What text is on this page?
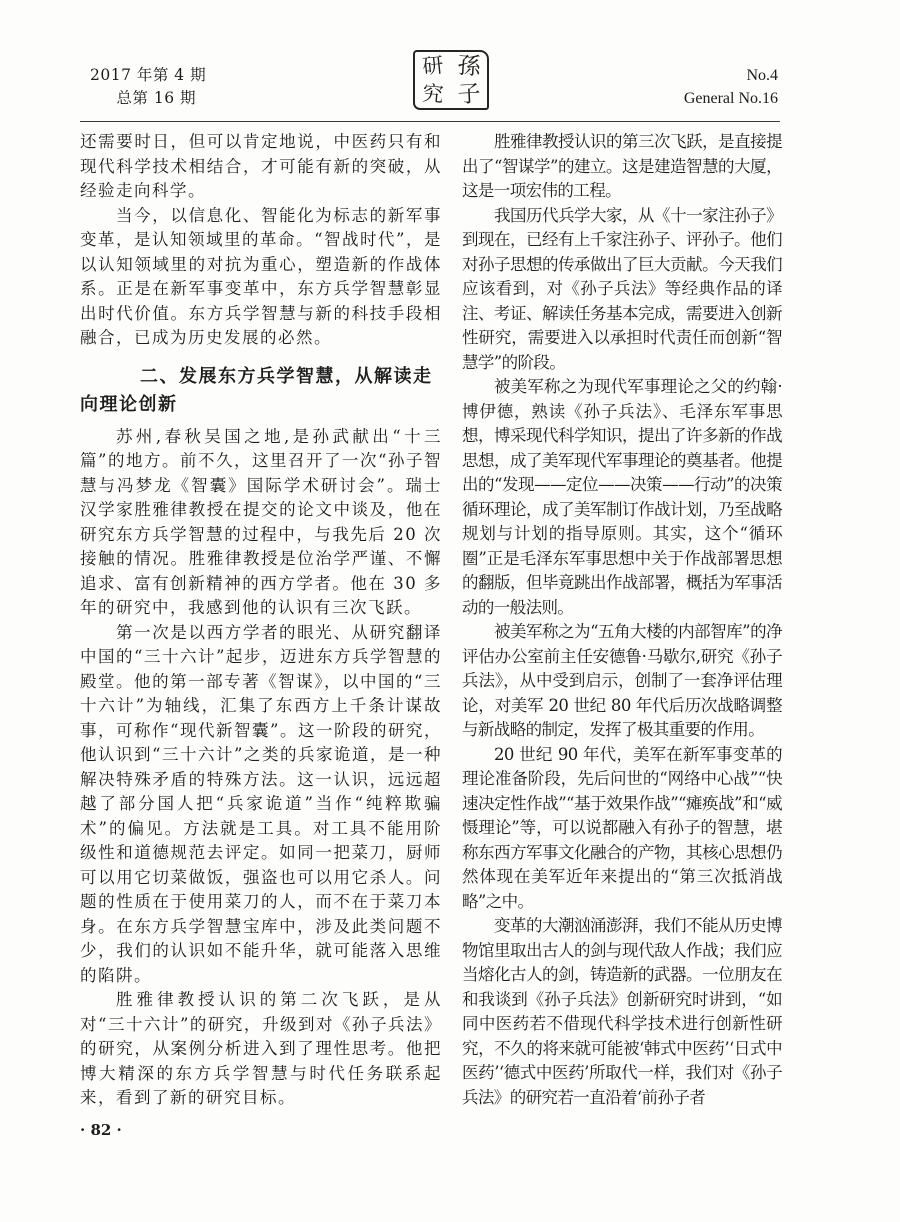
2017 年第 4 期
总第 16 期
孫
子
研
究
No.4
General No.16

还需要时日，但可以肯定地说，中医药只有和现代科学技术相结合，才可能有新的突破，从经验走向科学。

当今，以信息化、智能化为标志的新军事变革，是认知领域里的革命。“智战时代”，是以认知领域里的对抗为重心，塑造新的作战体系。正是在新军事变革中，东方兵学智慧彰显出时代价值。东方兵学智慧与新的科技手段相融合，已成为历史发展的必然。

二、发展东方兵学智慧，从解读走向理论创新

苏州,春秋吴国之地,是孙武献出“十三篇”的地方。前不久，这里召开了一次“孙子智慧与冯梦龙《智囊》国际学术研讨会”。瑞士汉学家胜雅律教授在提交的论文中谈及，他在研究东方兵学智慧的过程中，与我先后 20 次接触的情况。胜雅律教授是位治学严谨、不懈追求、富有创新精神的西方学者。他在 30 多年的研究中，我感到他的认识有三次飞跃。

第一次是以西方学者的眼光、从研究翻译中国的“三十六计”起步，迈进东方兵学智慧的殿堂。他的第一部专著《智谋》，以中国的“三十六计”为轴线，汇集了东西方上千条计谋故事，可称作“现代新智囊”。这一阶段的研究，他认识到“三十六计”之类的兵家诡道，是一种解决特殊矛盾的特殊方法。这一认识，远远超越了部分国人把“兵家诡道”当作“纯粹欺骗术”的偏见。方法就是工具。对工具不能用阶级性和道德规范去评定。如同一把菜刀，厨师可以用它切菜做饭，强盗也可以用它杀人。问题的性质在于使用菜刀的人，而不在于菜刀本身。在东方兵学智慧宝库中，涉及此类问题不少，我们的认识如不能升华，就可能落入思维的陷阱。

胜雅律教授认识的第二次飞跃，是从对“三十六计”的研究，升级到对《孙子兵法》的研究，从案例分析进入到了理性思考。他把博大精深的东方兵学智慧与时代任务联系起来，看到了新的研究目标。

胜雅律教授认识的第三次飞跃，是直接提出了“智谋学”的建立。这是建造智慧的大厦，这是一项宏伟的工程。

我国历代兵学大家，从《十一家注孙子》到现在，已经有上千家注孙子、评孙子。他们对孙子思想的传承做出了巨大贡献。今天我们应该看到，对《孙子兵法》等经典作品的译注、考证、解读任务基本完成，需要进入创新性研究，需要进入以承担时代责任而创新“智慧学”的阶段。

被美军称之为现代军事理论之父的约翰·博伊德，熟读《孙子兵法》、毛泽东军事思想，博采现代科学知识，提出了许多新的作战思想，成了美军现代军事理论的奠基者。他提出的“发现——定位——决策——行动”的决策循环理论，成了美军制订作战计划，乃至战略规划与计划的指导原则。其实，这个“循环圈”正是毛泽东军事思想中关于作战部署思想的翻版，但毕竟跳出作战部署，概括为军事活动的一般法则。

被美军称之为“五角大楼的内部智库”的净评估办公室前主任安德鲁·马歇尔,研究《孙子兵法》，从中受到启示，创制了一套净评估理论，对美军 20 世纪 80 年代后历次战略调整与新战略的制定，发挥了极其重要的作用。

20 世纪 90 年代，美军在新军事变革的理论准备阶段，先后问世的“网络中心战”“快速决定性作战”“基于效果作战”“瘫痪战”和“威慑理论”等，可以说都融入有孙子的智慧，堪称东西方军事文化融合的产物，其核心思想仍然体现在美军近年来提出的“第三次抵消战略”之中。

变革的大潮汹涌澎湃，我们不能从历史博物馆里取出古人的剑与现代敌人作战；我们应当熔化古人的剑，铸造新的武器。一位朋友在和我谈到《孙子兵法》创新研究时讲到，“如同中医药若不借现代科学技术进行创新性研究，不久的将来就可能被‘韩式中医药’‘日式中医药’‘德式中医药’所取代一样，我们对《孙子兵法》的研究若一直沿着‘前孙子者

· 82 ·
